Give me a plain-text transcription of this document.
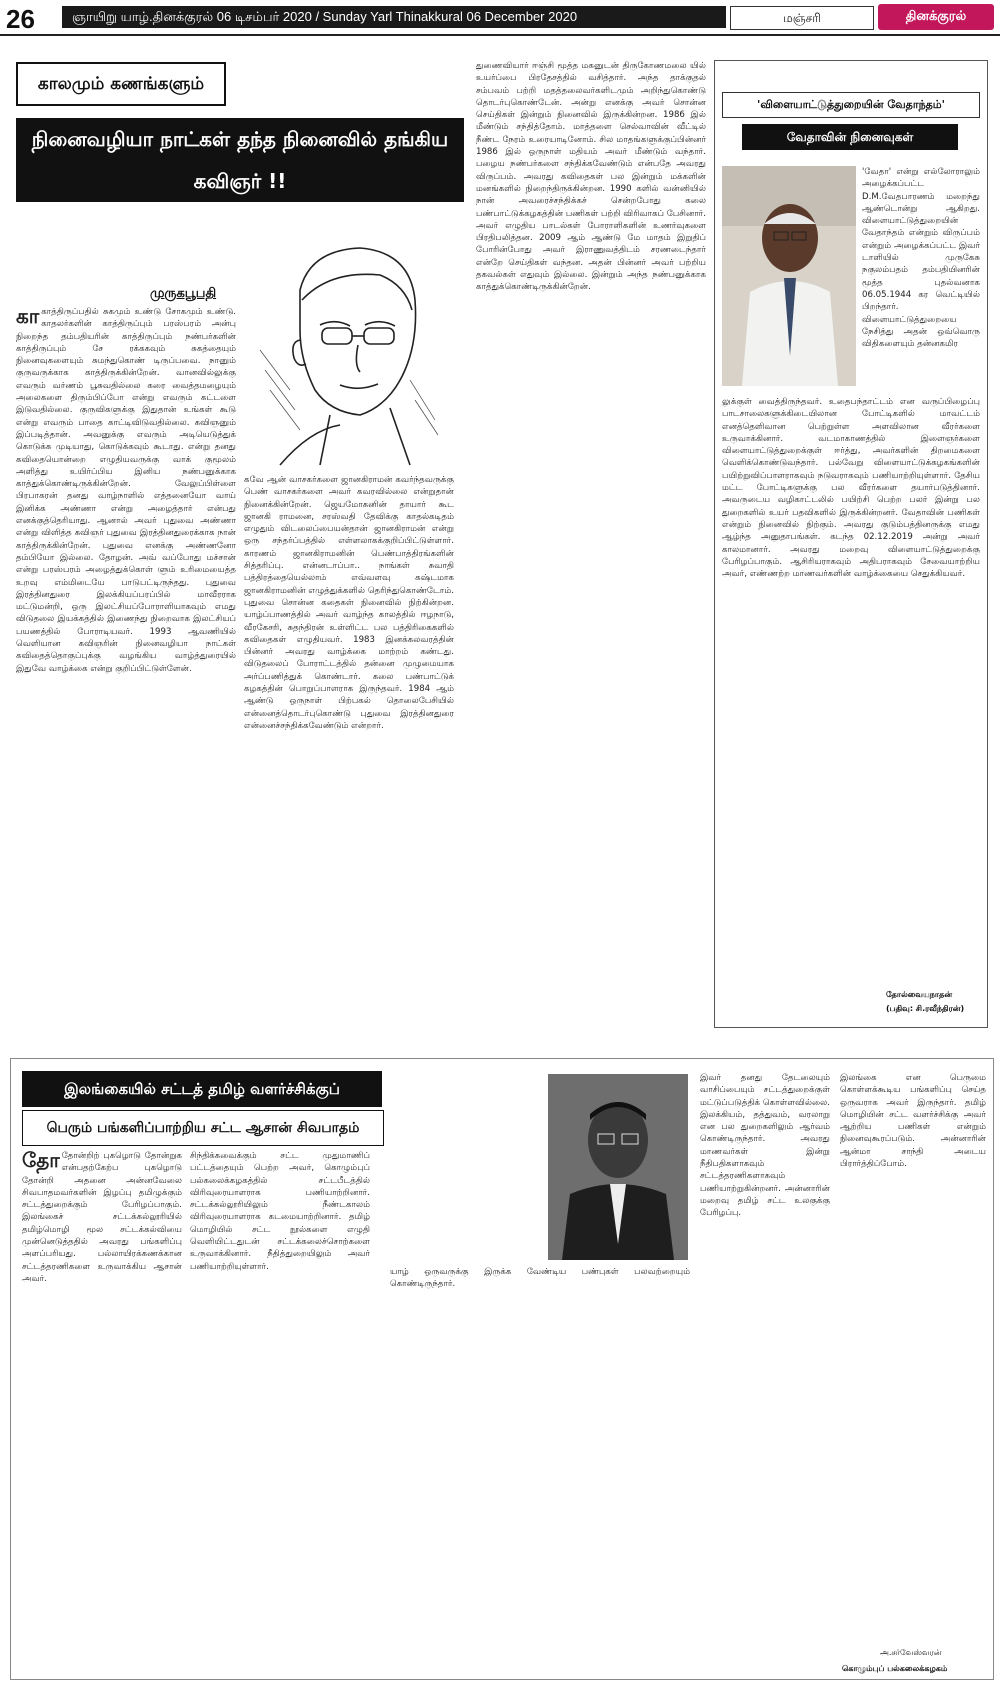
26	ஞாயிறு யாழ்.தினக்குரல் 06 டிசம்பர் 2020 / Sunday Yarl Thinakkural 06 December 2020	மஞ்சரி	தினக்குரல்
காலமும் கணங்களும்
நினைவழியா நாட்கள் தந்த நினைவில் தங்கிய கவிஞர் !!
முருகபூபதி
காகாத்திருப்பதில் சுகமும் உண்டு சோகமும் உண்டு. காதலர்களின் காத்திருப்பும் பரஸ்பரம் அன்பு நிறைந்த தம்பதியரின் காத்திருப்பும் நண்பர்களின் காத்திருப்பும் சே ரக்ககவும் சுகத்தையும் நினைவுகளையும் சுமந்துகொண் டிருப்பவை. நானும் குருவருக்காக காத்திருக்கின்றேன். வானவில்லுக்கு எவரும் வர்ணம் பூசுவதில்லை கரை வைத்தமழையும் அலைகளை திரும்பிப்போ என்று எவரும் கட்டளை இடுவதில்லை. குருவிகளுக்கு இதுதான் உங்கள் கூடு என்று எவரும் பாதை காட்டிவிடுவதில்லை. கவிஞனும் இப்படித்தான். அவனுக்கு எவரும் அடியெடுத்துக் கொடுக்க முடியாது, கொடுக்கவும் கூடாது. என்று தனது கவிதையொன்றை எழுதியவருக்கு வாக் குமூலம் அளித்து உயிர்ப்பிய இனிய நண்பனுக்காக காத்துக்கொண்டிருக்கின்றேன். வேலுப்பிள்ளை பிரபாகரன் தனது வாழ்நாளில் எத்தனையோ வாய் இனிக்க அண்ணா என்று அழைத்தார் என்பது எனக்குத்தெரியாது. ஆனால் அவர் புதுவை அண்ணா என்று விளித்த கவிஞர் புதுவை இரத்தினதுரைக்காக நான் காத்திருக்கின்றேன். புதுவை எனக்கு அண்ணனோ தம்பியோ இல்லை. தோழன். அவ் வப்போது மச்சான் என்று பரஸ்பரம் அழைத்துக்கொள் ளும் உரிமையைத்த உறவு எம்மிடையே பாடுபட்டிருந்தது. புதுவை இரத்தினதுரை இலக்கியப்பரப்பில் மாவீரராக மட்டுமன்றி, ஒரு இலட்சியப்போராளியாகவும் எமது விடுதலை இயக்கத்தில் இணைந்து நிறைவாக இலட்சியப் பயணத்தில் போராடியவர். 1993 ஆவணியில் வெளியான கவிஞரின் நினைவழியா நாட்கள் கவிதைத்தொகுப்புக்கு வழங்கிய வாழ்த்துரையில் இதுவே வாழ்க்கை என்று குறிப்பிட்டுள்ளேன்.
கவே ஆன் வாசகர்களை ஜானகிராமன் கவர்ந்தவருக்கு பெண் வாசகர்களை அவர் கவரவில்லை என்றுதான் நினைக்கின்றேன். ஜெயமோகனின் தாயார் கூட ஜானகி ராமனை, சரஸ்வதி தேவிக்கு காதல்கடிதம் எழுதும் விடலைப்பையன்தான் ஜானகிராமன் என்று ஒரு சந்தர்ப்பத்தில் எள்ளலாகக்குறிப்பிட்டுள்ளார். காரணம் ஜானகிராமனின் பெண்பாத்திரங்களின் சித்தரிப்பு. என்னடாப்பா.. நாங்கள் சுவாதி பத்திரத்தையெல்லாம் எவ்வளவு கஷ்டமாக ஜானகிராமனின் எழுத்துக்களில் தெரிந்துகொண்டோம். புதுவை சொன்ன கதைகள் நினைவில் நிற்கின்றன. யாழ்ப்பாணத்தில் அவர் வாழ்ந்த காலத்தில் ஈழநாடு, வீரகேசரி, சுதந்திரன் உள்ளிட்ட பல பத்திரிகைகளில் கவிதைகள் எழுதியவர். 1983 இனக்கலவரத்தின் பின்னர் அவரது வாழ்க்கை மாற்றம் கண்டது. விடுதலைப் போராட்டத்தில் தன்னை முழுமையாக அர்ப்பணித்துக் கொண்டார். கலை பண்பாட்டுக் கழகத்தின் பொறுப்பாளராக இருந்தவர். 1984 ஆம் ஆண்டு ஒருநாள் பிற்பகல் தொலைபேசியில் என்னைத்தொடர்புகொண்டு புதுவை இரத்தினதுரை என்னைச்சந்திக்கவேண்டும் என்றார்.
துணைவியார் ஈஞ்சி மூத்த மகனுடன் திருகோணமலை யில் உயர்ப்பை பிரதேசத்தில் வசித்தார். அந்த தாக்குதல் சம்பவம் பற்றி மதத்தலைவர்களிடமும் அறிந்துகொண்டு தொடர்புகொண்டேன். அன்று எனக்கு அவர் சொன்ன செய்திகள் இன்றும் நினைவில் இருக்கின்றன. 1986 இல் மீண்டும் சந்தித்தோம். மாத்தளை செல்வாவின் வீட்டில் நீண்ட நேரம் உரையாடினோம். சில மாதங்களுக்குப்பின்னர் 1986 இல் ஒருநாள் மதியம் அவர் மீண்டும் வந்தார். பழைய நண்பர்களை சந்திக்கவேண்டும் என்பதே அவரது விருப்பம். அவரது கவிதைகள் பல இன்றும் மக்களின் மனங்களில் நிறைந்திருக்கின்றன. 1990 களில் வன்னியில் நான் அவரைச்சந்திக்கச் சென்றபோது கலை பண்பாட்டுக்கழகத்தின் பணிகள் பற்றி விரிவாகப் பேசினார். அவர் எழுதிய பாடல்கள் போராளிகளின் உணர்வுகளை பிரதிபலித்தன. 2009 ஆம் ஆண்டு மே மாதம் இறுதிப் போரின்போது அவர் இராணுவத்திடம் சரணடைந்தார் என்றே செய்திகள் வந்தன. அதன் பின்னர் அவர் பற்றிய தகவல்கள் எதுவும் இல்லை. இன்றும் அந்த நண்பனுக்காக காத்துக்கொண்டிருக்கின்றேன்.
'விளையாட்டுத்துறையின் வேதாந்தம்'
வேதாவின் நினைவுகள்
'வேதா' என்று எல்லோராலும் அழைக்கப்பட்ட D.M.வேதபாரணம் மறைந்து ஆண்டொன்று ஆகிறது. விளையாட்டுத்துறையின் வேதாந்தம் என்றும் விருப்பம் என்றும் அழைக்கப்பட்ட இவர் டாளியில் முருகேசு நகுலம்பதம் தம்பதியினரின் மூத்த புதல்வனாக 06.05.1944 கர வெட்டியில் பிறந்தார். விளையாட்டுத்துறையை நேசித்து அதன் ஒவ்வொரு விதிகளையும் தன்னகமிர
லுக்குள் வைத்திருந்தவர். உதைபந்தாட்டம் என வருப்பிழைப்பு பாடசாலைகளுக்கிடையிலான போட்டிகளில் மாவட்டம் எனத்தெளிவான பெற்றுள்ள அளவிலான வீரர்களை உருவாக்கினார். வடமாகாணத்தில் இளைஞர்களை விளையாட்டுத்துறைக்குள் ஈர்த்து, அவர்களின் திறமைகளை வெளிக்கொண்டுவந்தார். பல்வேறு விளையாட்டுக்கழகங்களின் பயிற்றுவிப்பாளராகவும் நடுவராகவும் பணியாற்றியுள்ளார். தேசிய மட்ட போட்டிகளுக்கு பல வீரர்களை தயார்படுத்தினார். அவருடைய வழிகாட்டலில் பயிற்சி பெற்ற பலர் இன்று பல துறைகளில் உயர் பதவிகளில் இருக்கின்றனர். வேதாவின் பணிகள் என்றும் நினைவில் நிற்கும். அவரது குடும்பத்தினருக்கு எமது ஆழ்ந்த அனுதாபங்கள். கடந்த 02.12.2019 அன்று அவர் காலமானார். அவரது மறைவு விளையாட்டுத்துறைக்கு பேரிழப்பாகும். ஆசிரியராகவும் அதிபராகவும் சேவையாற்றிய அவர், எண்ணற்ற மாணவர்களின் வாழ்க்கையை செதுக்கியவர்.
தோல்வையநாதன்
(பதிவு: சி.ரவீந்திரன்)
இலங்கையில் சட்டத் தமிழ் வளர்ச்சிக்குப்
பெரும் பங்களிப்பாற்றிய சட்ட ஆசான் சிவபாதம்
தோதோன்றிற் புகழொடு தோன்றுக என்பதற்கேற்ப புகழொடு தோன்றி அதனை அன்னவேலை சிவபாதமவர்களின் இழப்பு தமிழுக்கும் சட்டத்துறைக்கும் பேரிழப்பாகும். இலங்கைச் சட்டக்கல்லூரியில் தமிழ்மொழி மூல சட்டக்கல்வியை முன்னெடுத்ததில் அவரது பங்களிப்பு அளப்பரியது. பல்லாயிரக்கணக்கான சட்டத்தரணிகளை உருவாக்கிய ஆசான் அவர்.
சிந்திக்கவைக்கும் சட்ட முதுமாணிப் பட்டத்தையும் பெற்ற அவர், கொழும்புப் பல்கலைக்கழகத்தில் சட்டபீடத்தில் விரிவுரையாளராக பணியாற்றினார். சட்டக்கல்லூரியிலும் நீண்டகாலம் விரிவுரையாளராக கடமையாற்றினார். தமிழ் மொழியில் சட்ட நூல்களை எழுதி வெளியிட்டதுடன் சட்டக்கலைச்சொற்களை உருவாக்கினார். நீதித்துறையிலும் அவர் பணியாற்றியுள்ளார்.
யாழ் ஒருவருக்கு இருக்க வேண்டிய பண்புகள் பலவற்றையும் கொண்டிருந்தார்.
இவர் தனது தேடலையும் வாசிப்பையும் சட்டத்துறைக்குள் மட்டுப்படுத்திக் கொள்ளவில்லை. இலக்கியம், தத்துவம், வரலாறு என பல துறைகளிலும் ஆர்வம் கொண்டிருந்தார். அவரது மாணவர்கள் இன்று நீதிபதிகளாகவும் சட்டத்தரணிகளாகவும் பணியாற்றுகின்றனர். அன்னாரின் மறைவு தமிழ் சட்ட உலகுக்கு பேரிழப்பு.
இலங்கை என பெருமை கொள்ளக்கூடிய பங்களிப்பு செய்த ஒருவராக அவர் இருந்தார். தமிழ் மொழியின் சட்ட வளர்ச்சிக்கு அவர் ஆற்றிய பணிகள் என்றும் நினைவுகூரப்படும். அன்னாரின் ஆன்மா சாந்தி அடைய பிரார்த்திப்போம்.
அ.சர்வேஸ்வரன்
கொழும்புப் பல்கலைக்கழகம்
